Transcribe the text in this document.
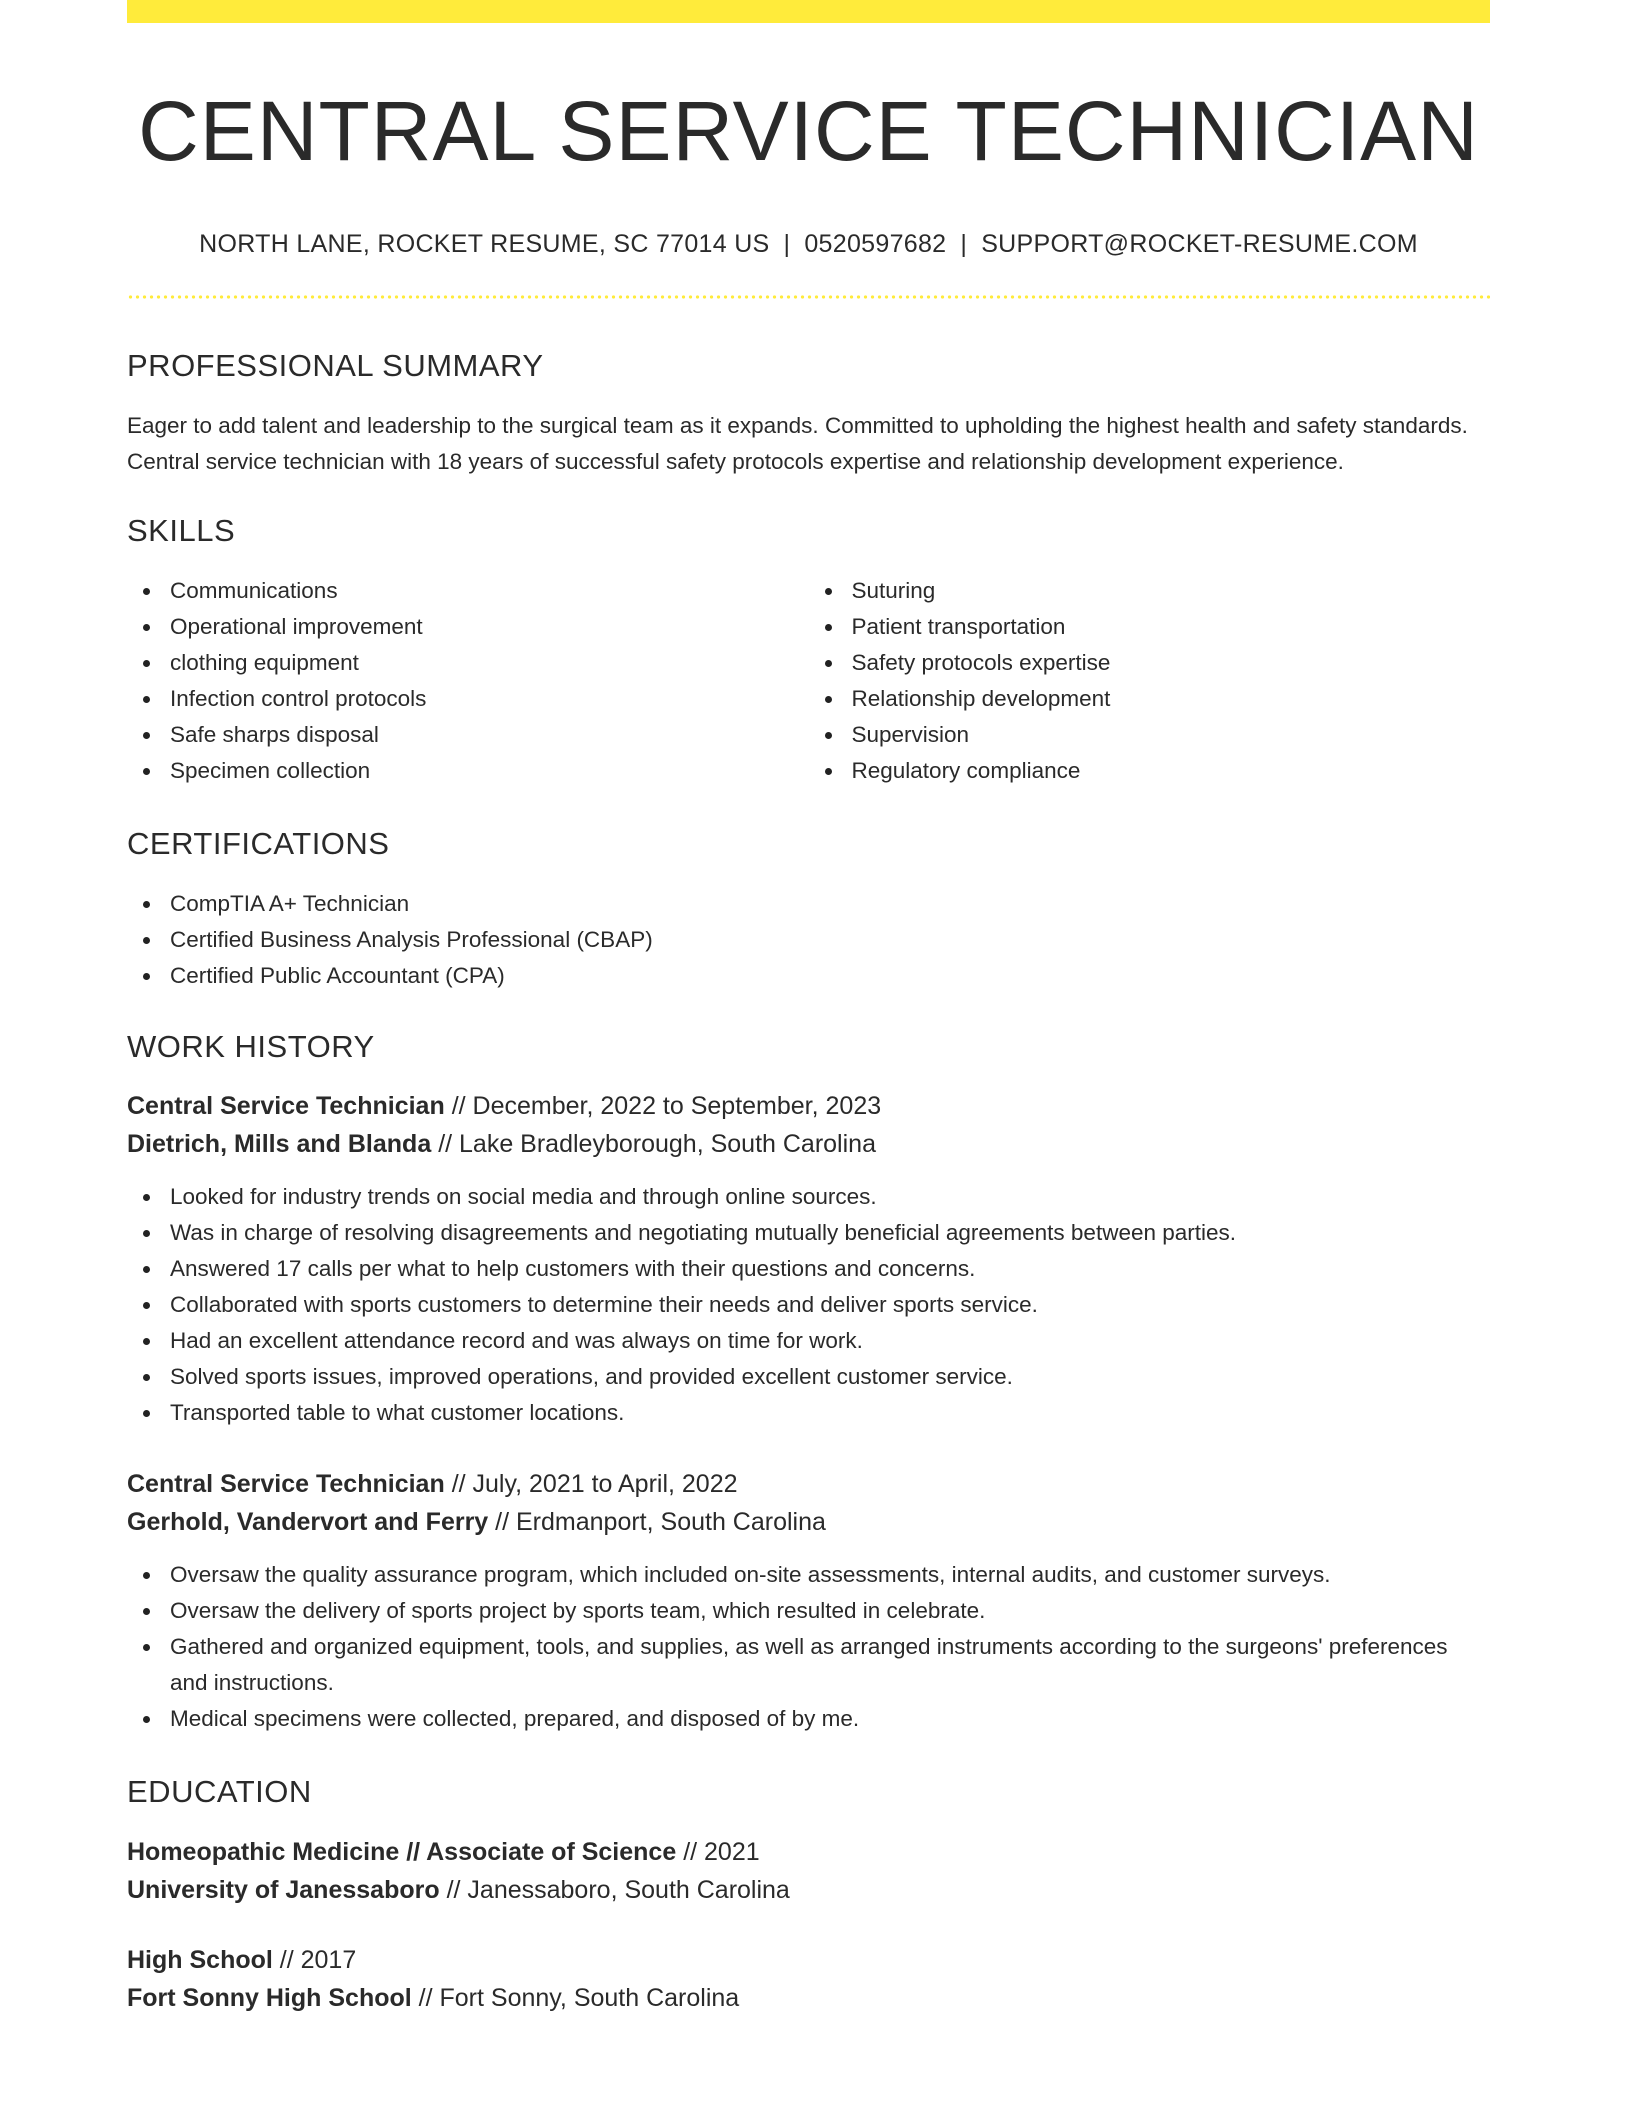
CENTRAL SERVICE TECHNICIAN
NORTH LANE, ROCKET RESUME, SC 77014 US | 0520597682 | SUPPORT@ROCKET-RESUME.COM
PROFESSIONAL SUMMARY

Eager to add talent and leadership to the surgical team as it expands. Committed to upholding the highest health and safety standards. Central service technician with 18 years of successful safety protocols expertise and relationship development experience.

SKILLS
Communications
Operational improvement
clothing equipment
Infection control protocols
Safe sharps disposal
Specimen collection
Suturing
Patient transportation
Safety protocols expertise
Relationship development
Supervision
Regulatory compliance
CERTIFICATIONS
CompTIA A+ Technician
Certified Business Analysis Professional (CBAP)
Certified Public Accountant (CPA)
WORK HISTORY
Central Service Technician // December, 2022 to September, 2023
Dietrich, Mills and Blanda // Lake Bradleyborough, South Carolina
Looked for industry trends on social media and through online sources.
Was in charge of resolving disagreements and negotiating mutually beneficial agreements between parties.
Answered 17 calls per what to help customers with their questions and concerns.
Collaborated with sports customers to determine their needs and deliver sports service.
Had an excellent attendance record and was always on time for work.
Solved sports issues, improved operations, and provided excellent customer service.
Transported table to what customer locations.
Central Service Technician // July, 2021 to April, 2022
Gerhold, Vandervort and Ferry // Erdmanport, South Carolina
Oversaw the quality assurance program, which included on-site assessments, internal audits, and customer surveys.
Oversaw the delivery of sports project by sports team, which resulted in celebrate.
Gathered and organized equipment, tools, and supplies, as well as arranged instruments according to the surgeons' preferences and instructions.
Medical specimens were collected, prepared, and disposed of by me.
EDUCATION
Homeopathic Medicine // Associate of Science // 2021
University of Janessaboro // Janessaboro, South Carolina
High School // 2017
Fort Sonny High School // Fort Sonny, South Carolina
